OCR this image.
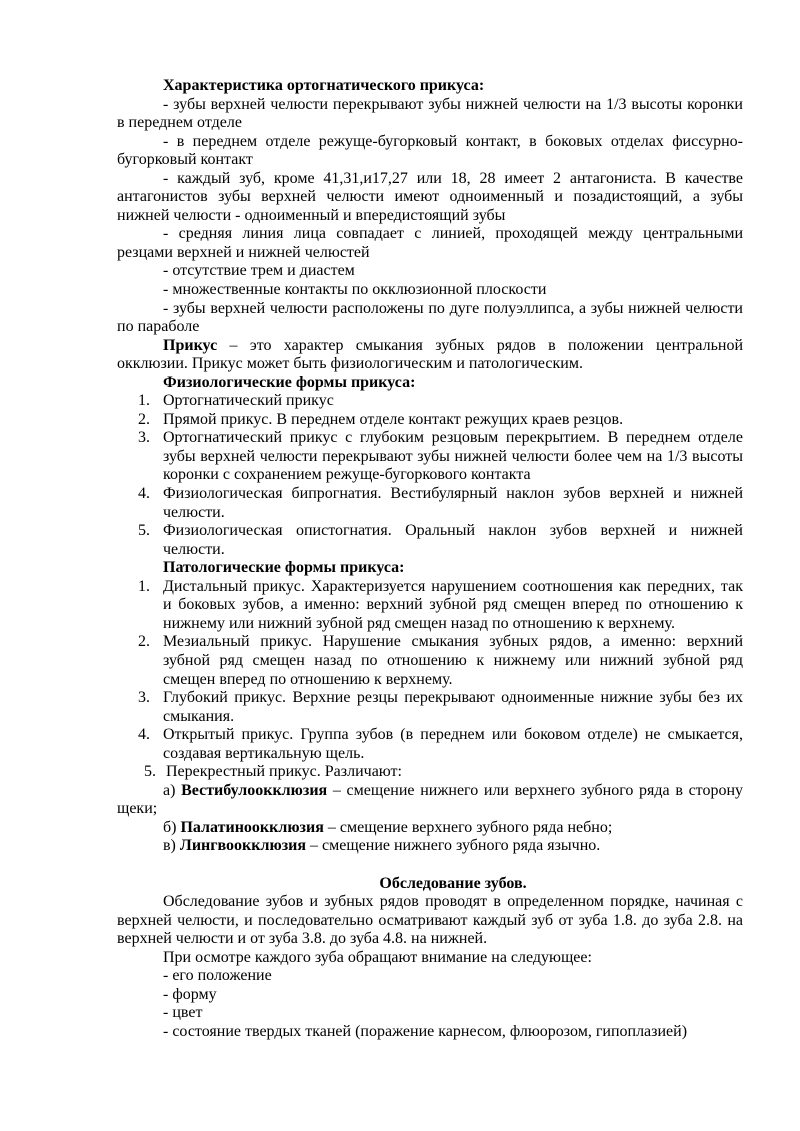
Характеристика ортогнатического прикуса:
- зубы верхней челюсти перекрывают зубы нижней челюсти на 1/3 высоты коронки
в переднем отделе
- в переднем отделе режуще-бугорковый контакт, в боковых отделах фиссурно-
бугорковый контакт
- каждый зуб, кроме 41,31,и17,27 или 18, 28 имеет 2 антагониста. В качестве
антагонистов зубы верхней челюсти имеют одноименный и позадистоящий, а зубы
нижней челюсти - одноименный и впередистоящий зубы
- средняя линия лица совпадает с линией, проходящей между центральными
резцами верхней и нижней челюстей
- отсутствие трем и диастем
- множественные контакты по окклюзионной плоскости
- зубы верхней челюсти расположены по дуге полуэллипса, а зубы нижней челюсти
по параболе
Прикус – это характер смыкания зубных рядов в положении центральной
окклюзии. Прикус может быть физиологическим и патологическим.
Физиологические формы прикуса:
1. Ортогнатический прикус
2. Прямой прикус. В переднем отделе контакт режущих краев резцов.
3. Ортогнатический прикус с глубоким резцовым перекрытием. В переднем отделе
зубы верхней челюсти перекрывают зубы нижней челюсти более чем на 1/3 высоты
коронки с сохранением режуще-бугоркового контакта
4. Физиологическая бипрогнатия. Вестибулярный наклон зубов верхней и нижней
челюсти.
5. Физиологическая опистогнатия. Оральный наклон зубов верхней и нижней
челюсти.
Патологические формы прикуса:
1. Дистальный прикус. Характеризуется нарушением соотношения как передних, так
и боковых зубов, а именно: верхний зубной ряд смещен вперед по отношению к
нижнему или нижний зубной ряд смещен назад по отношению к верхнему.
2. Мезиальный прикус. Нарушение смыкания зубных рядов, а именно: верхний
зубной ряд смещен назад по отношению к нижнему или нижний зубной ряд
смещен вперед по отношению к верхнему.
3. Глубокий прикус. Верхние резцы перекрывают одноименные нижние зубы без их
смыкания.
4. Открытый прикус. Группа зубов (в переднем или боковом отделе) не смыкается,
создавая вертикальную щель.
5. Перекрестный прикус. Различают:
а) Вестибулоокклюзия – смещение нижнего или верхнего зубного ряда в сторону
щеки;
б) Палатиноокклюзия – смещение верхнего зубного ряда небно;
в) Лингвоокклюзия – смещение нижнего зубного ряда язычно.
Обследование зубов.
Обследование зубов и зубных рядов проводят в определенном порядке, начиная с
верхней челюсти, и последовательно осматривают каждый зуб от зуба 1.8. до зуба 2.8. на
верхней челюсти и от зуба 3.8. до зуба 4.8. на нижней.
При осмотре каждого зуба обращают внимание на следующее:
- его положение
- форму
- цвет
- состояние твердых тканей (поражение карнесом, флюорозом, гипоплазией)
